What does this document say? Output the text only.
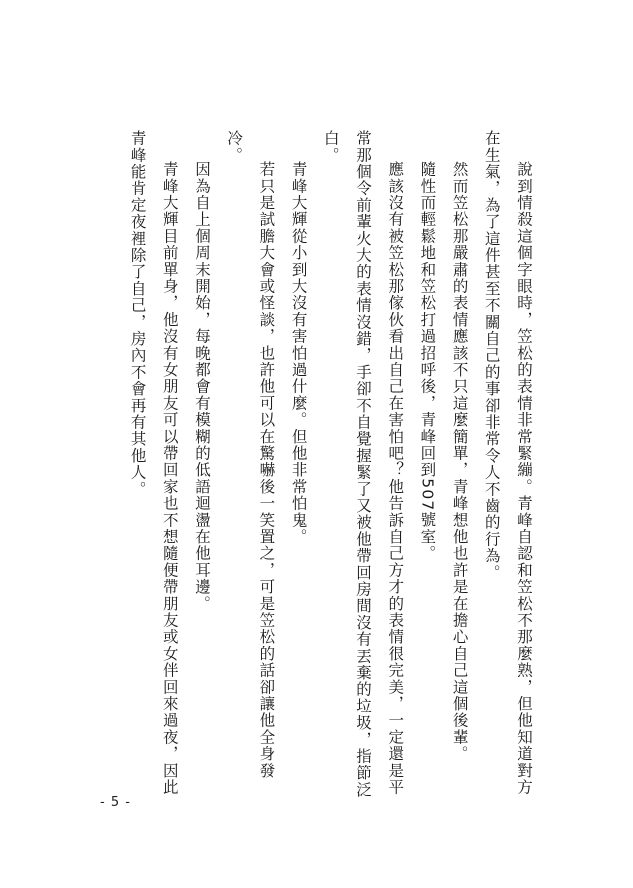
說到情殺這個字眼時，笠松的表情非常緊繃。青峰自認和笠松不那麼熟，但他知道對方在生氣，為了這件甚至不關自己的事卻非常令人不齒的行為。

然而笠松那嚴肅的表情應該不只這麼簡單，青峰想他也許是在擔心自己這個後輩。

隨性而輕鬆地和笠松打過招呼後，青峰回到507號室。

應該沒有被笠松那傢伙看出自己在害怕吧？他告訴自己方才的表情很完美，一定還是平常那個令前輩火大的表情沒錯，手卻不自覺握緊了又被他帶回房間沒有丟棄的垃圾，指節泛白。

青峰大輝從小到大沒有害怕過什麼。但他非常怕鬼。

若只是試膽大會或怪談，也許他可以在驚嚇後一笑置之，可是笠松的話卻讓他全身發冷。

因為自上個周末開始，每晚都會有模糊的低語迴盪在他耳邊。

青峰大輝目前單身，他沒有女朋友可以帶回家也不想隨便帶朋友或女伴回來過夜，因此青峰能肯定夜裡除了自己，房內不會再有其他人。

- 5 -
